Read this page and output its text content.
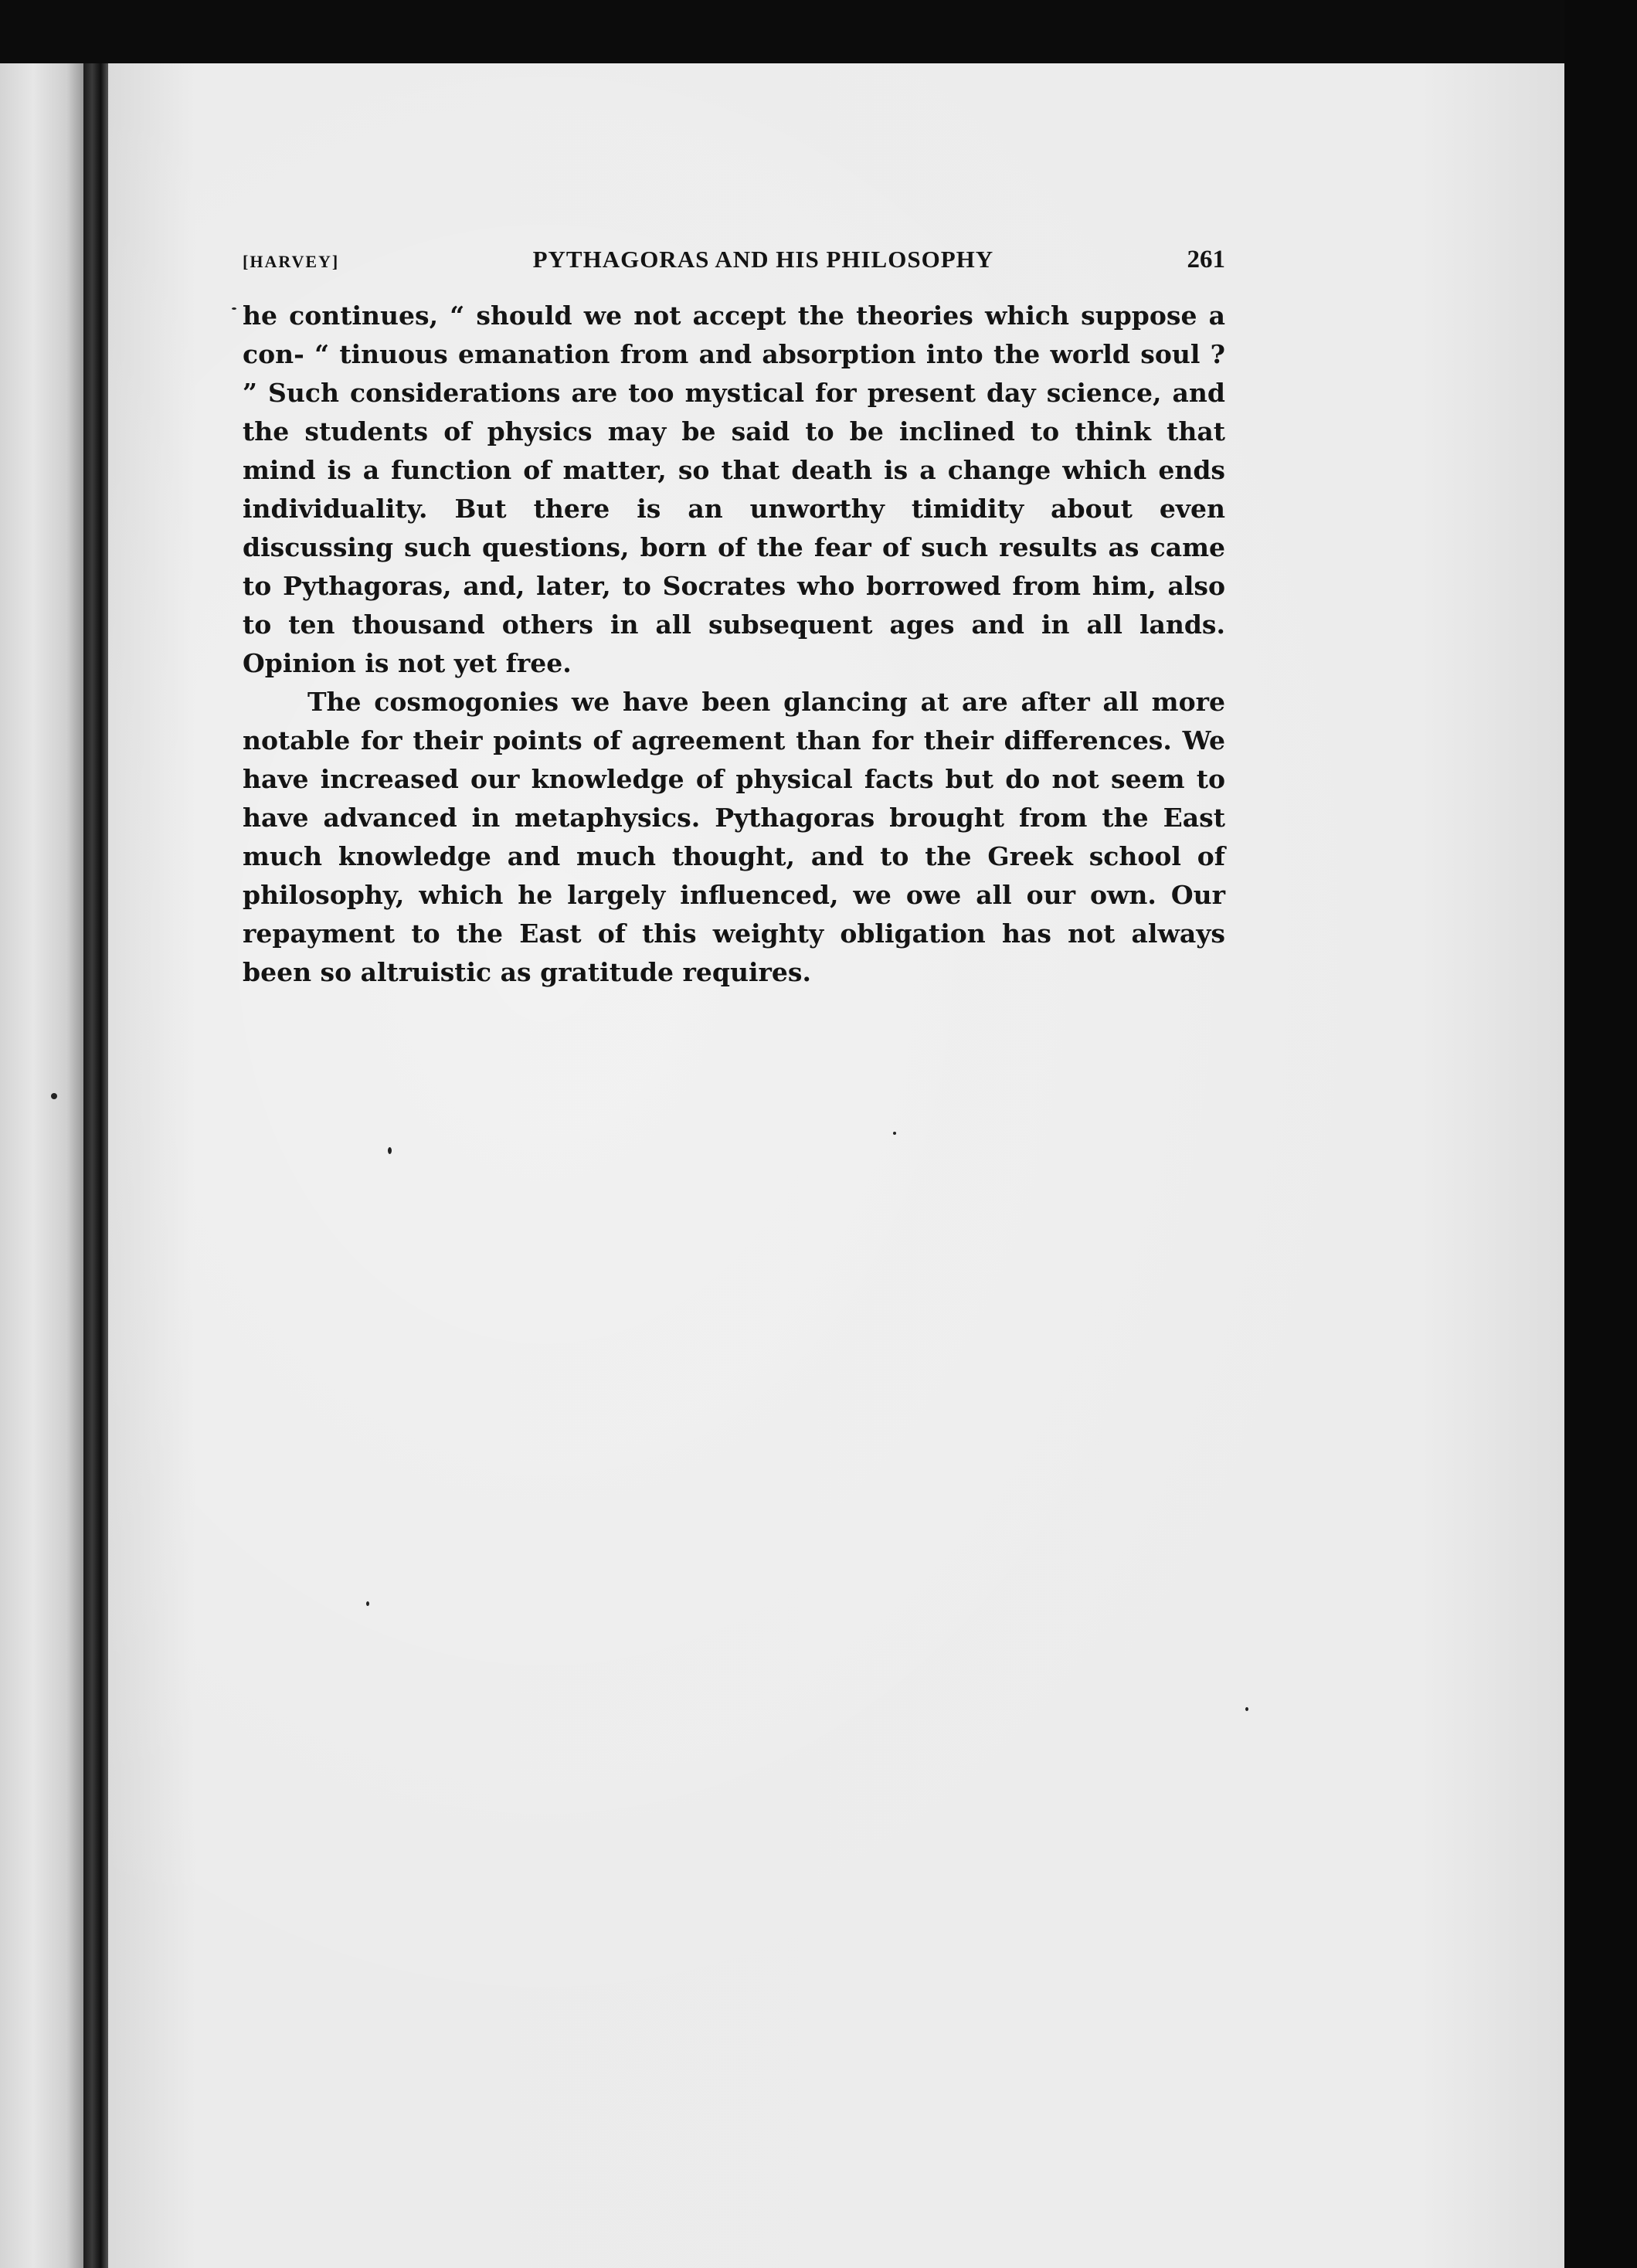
[HARVEY]	PYTHAGORAS AND HIS PHILOSOPHY	261

he continues, “ should we not accept the theories which suppose a con- “ tinuous emanation from and absorption into the world soul ? ” Such considerations are too mystical for present day science, and the students of physics may be said to be inclined to think that mind is a function of matter, so that death is a change which ends individuality. But there is an unworthy timidity about even discussing such questions, born of the fear of such results as came to Pythagoras, and, later, to Socrates who borrowed from him, also to ten thousand others in all subsequent ages and in all lands. Opinion is not yet free.

The cosmogonies we have been glancing at are after all more notable for their points of agreement than for their differences. We have increased our knowledge of physical facts but do not seem to have advanced in metaphysics. Pythagoras brought from the East much knowledge and much thought, and to the Greek school of philosophy, which he largely influenced, we owe all our own. Our repayment to the East of this weighty obligation has not always been so altruistic as gratitude requires.
